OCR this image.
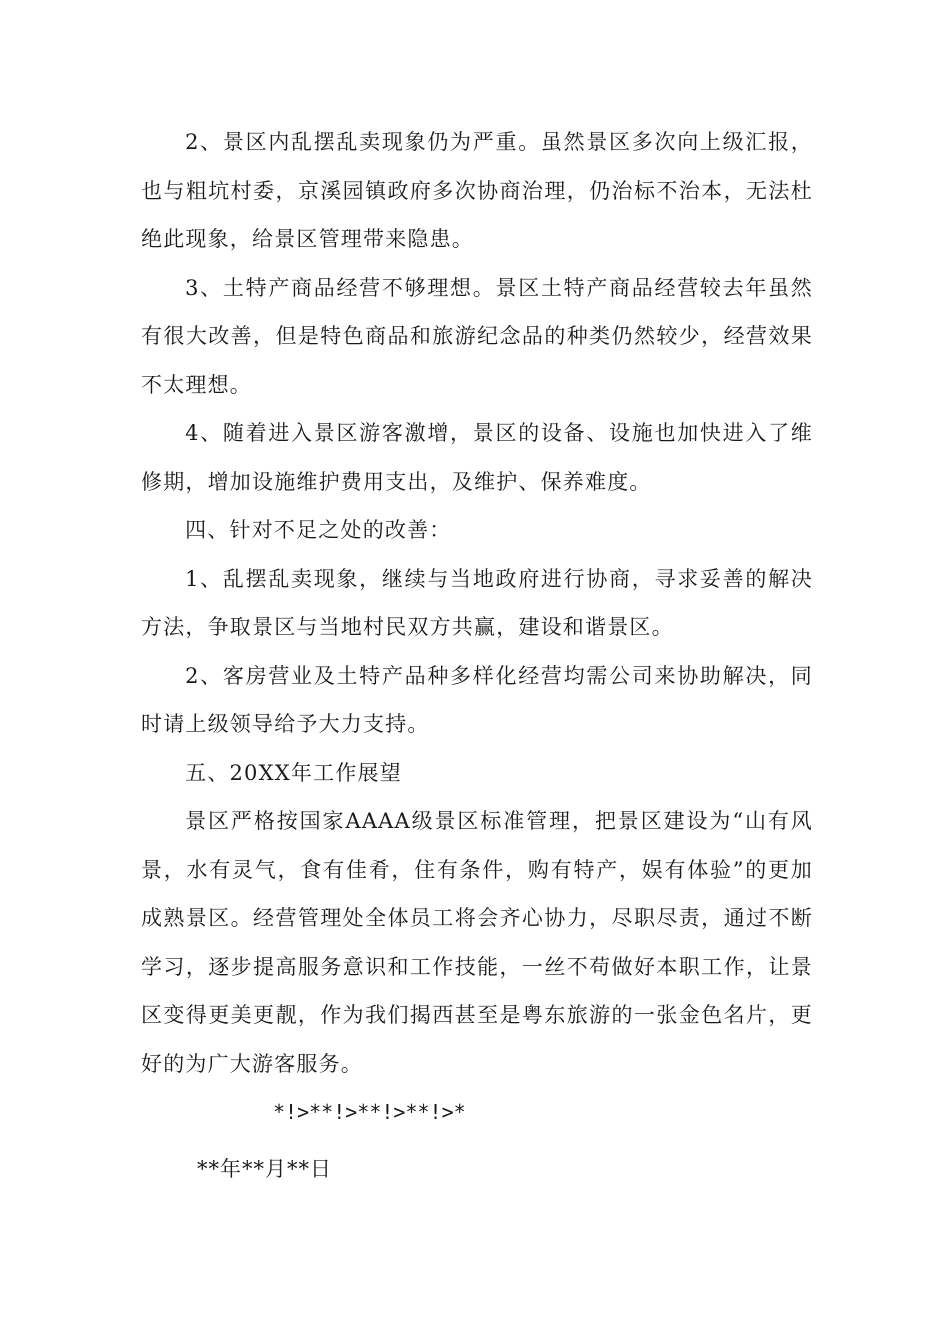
2、景区内乱摆乱卖现象仍为严重。虽然景区多次向上级汇报，也与粗坑村委，京溪园镇政府多次协商治理，仍治标不治本，无法杜绝此现象，给景区管理带来隐患。

3、土特产商品经营不够理想。景区土特产商品经营较去年虽然有很大改善，但是特色商品和旅游纪念品的种类仍然较少，经营效果不太理想。

4、随着进入景区游客激增，景区的设备、设施也加快进入了维修期，增加设施维护费用支出，及维护、保养难度。

四、针对不足之处的改善：

1、乱摆乱卖现象，继续与当地政府进行协商，寻求妥善的解决方法，争取景区与当地村民双方共赢，建设和谐景区。

2、客房营业及土特产品种多样化经营均需公司来协助解决，同时请上级领导给予大力支持。

五、20XX年工作展望

景区严格按国家AAAA级景区标准管理，把景区建设为“山有风景，水有灵气，食有佳肴，住有条件，购有特产，娱有体验”的更加成熟景区。经营管理处全体员工将会齐心协力，尽职尽责，通过不断学习，逐步提高服务意识和工作技能，一丝不苟做好本职工作，让景区变得更美更靓，作为我们揭西甚至是粤东旅游的一张金色名片，更好的为广大游客服务。

*!>**!>**!>**!>*

**年**月**日
